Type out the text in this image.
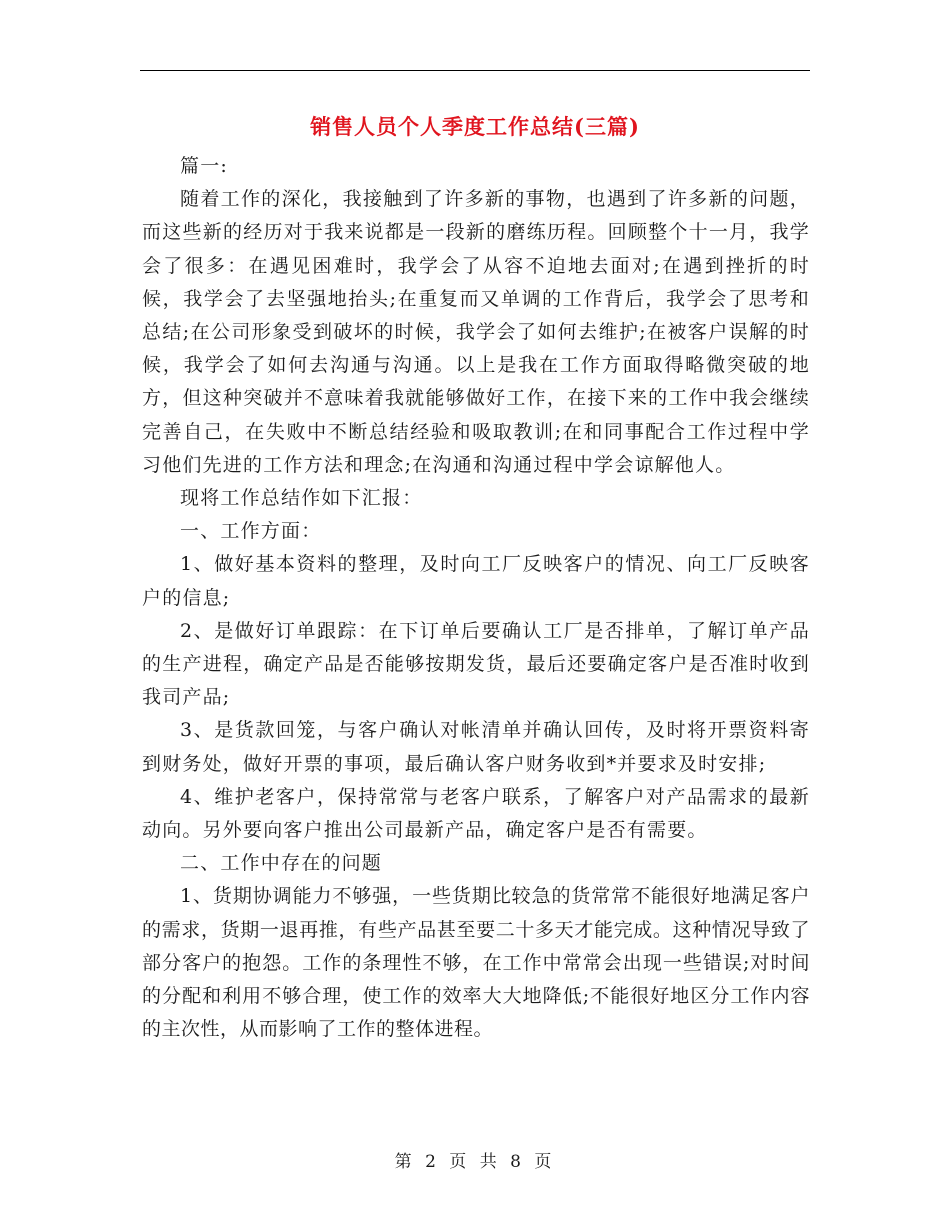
销售人员个人季度工作总结(三篇)

篇一:

随着工作的深化，我接触到了许多新的事物，也遇到了许多新的问题，而这些新的经历对于我来说都是一段新的磨练历程。回顾整个十一月，我学会了很多：在遇见困难时，我学会了从容不迫地去面对;在遇到挫折的时候，我学会了去坚强地抬头;在重复而又单调的工作背后，我学会了思考和总结;在公司形象受到破坏的时候，我学会了如何去维护;在被客户误解的时候，我学会了如何去沟通与沟通。以上是我在工作方面取得略微突破的地方，但这种突破并不意味着我就能够做好工作，在接下来的工作中我会继续完善自己，在失败中不断总结经验和吸取教训;在和同事配合工作过程中学习他们先进的工作方法和理念;在沟通和沟通过程中学会谅解他人。

现将工作总结作如下汇报：

一、工作方面：

1、做好基本资料的整理，及时向工厂反映客户的情况、向工厂反映客户的信息;

2、是做好订单跟踪：在下订单后要确认工厂是否排单，了解订单产品的生产进程，确定产品是否能够按期发货，最后还要确定客户是否准时收到我司产品;

3、是货款回笼，与客户确认对帐清单并确认回传，及时将开票资料寄到财务处，做好开票的事项，最后确认客户财务收到*并要求及时安排;

4、维护老客户，保持常常与老客户联系，了解客户对产品需求的最新动向。另外要向客户推出公司最新产品，确定客户是否有需要。

二、工作中存在的问题

1、货期协调能力不够强，一些货期比较急的货常常不能很好地满足客户的需求，货期一退再推，有些产品甚至要二十多天才能完成。这种情况导致了部分客户的抱怨。工作的条理性不够，在工作中常常会出现一些错误;对时间的分配和利用不够合理，使工作的效率大大地降低;不能很好地区分工作内容的主次性，从而影响了工作的整体进程。

第 2 页 共 8 页
